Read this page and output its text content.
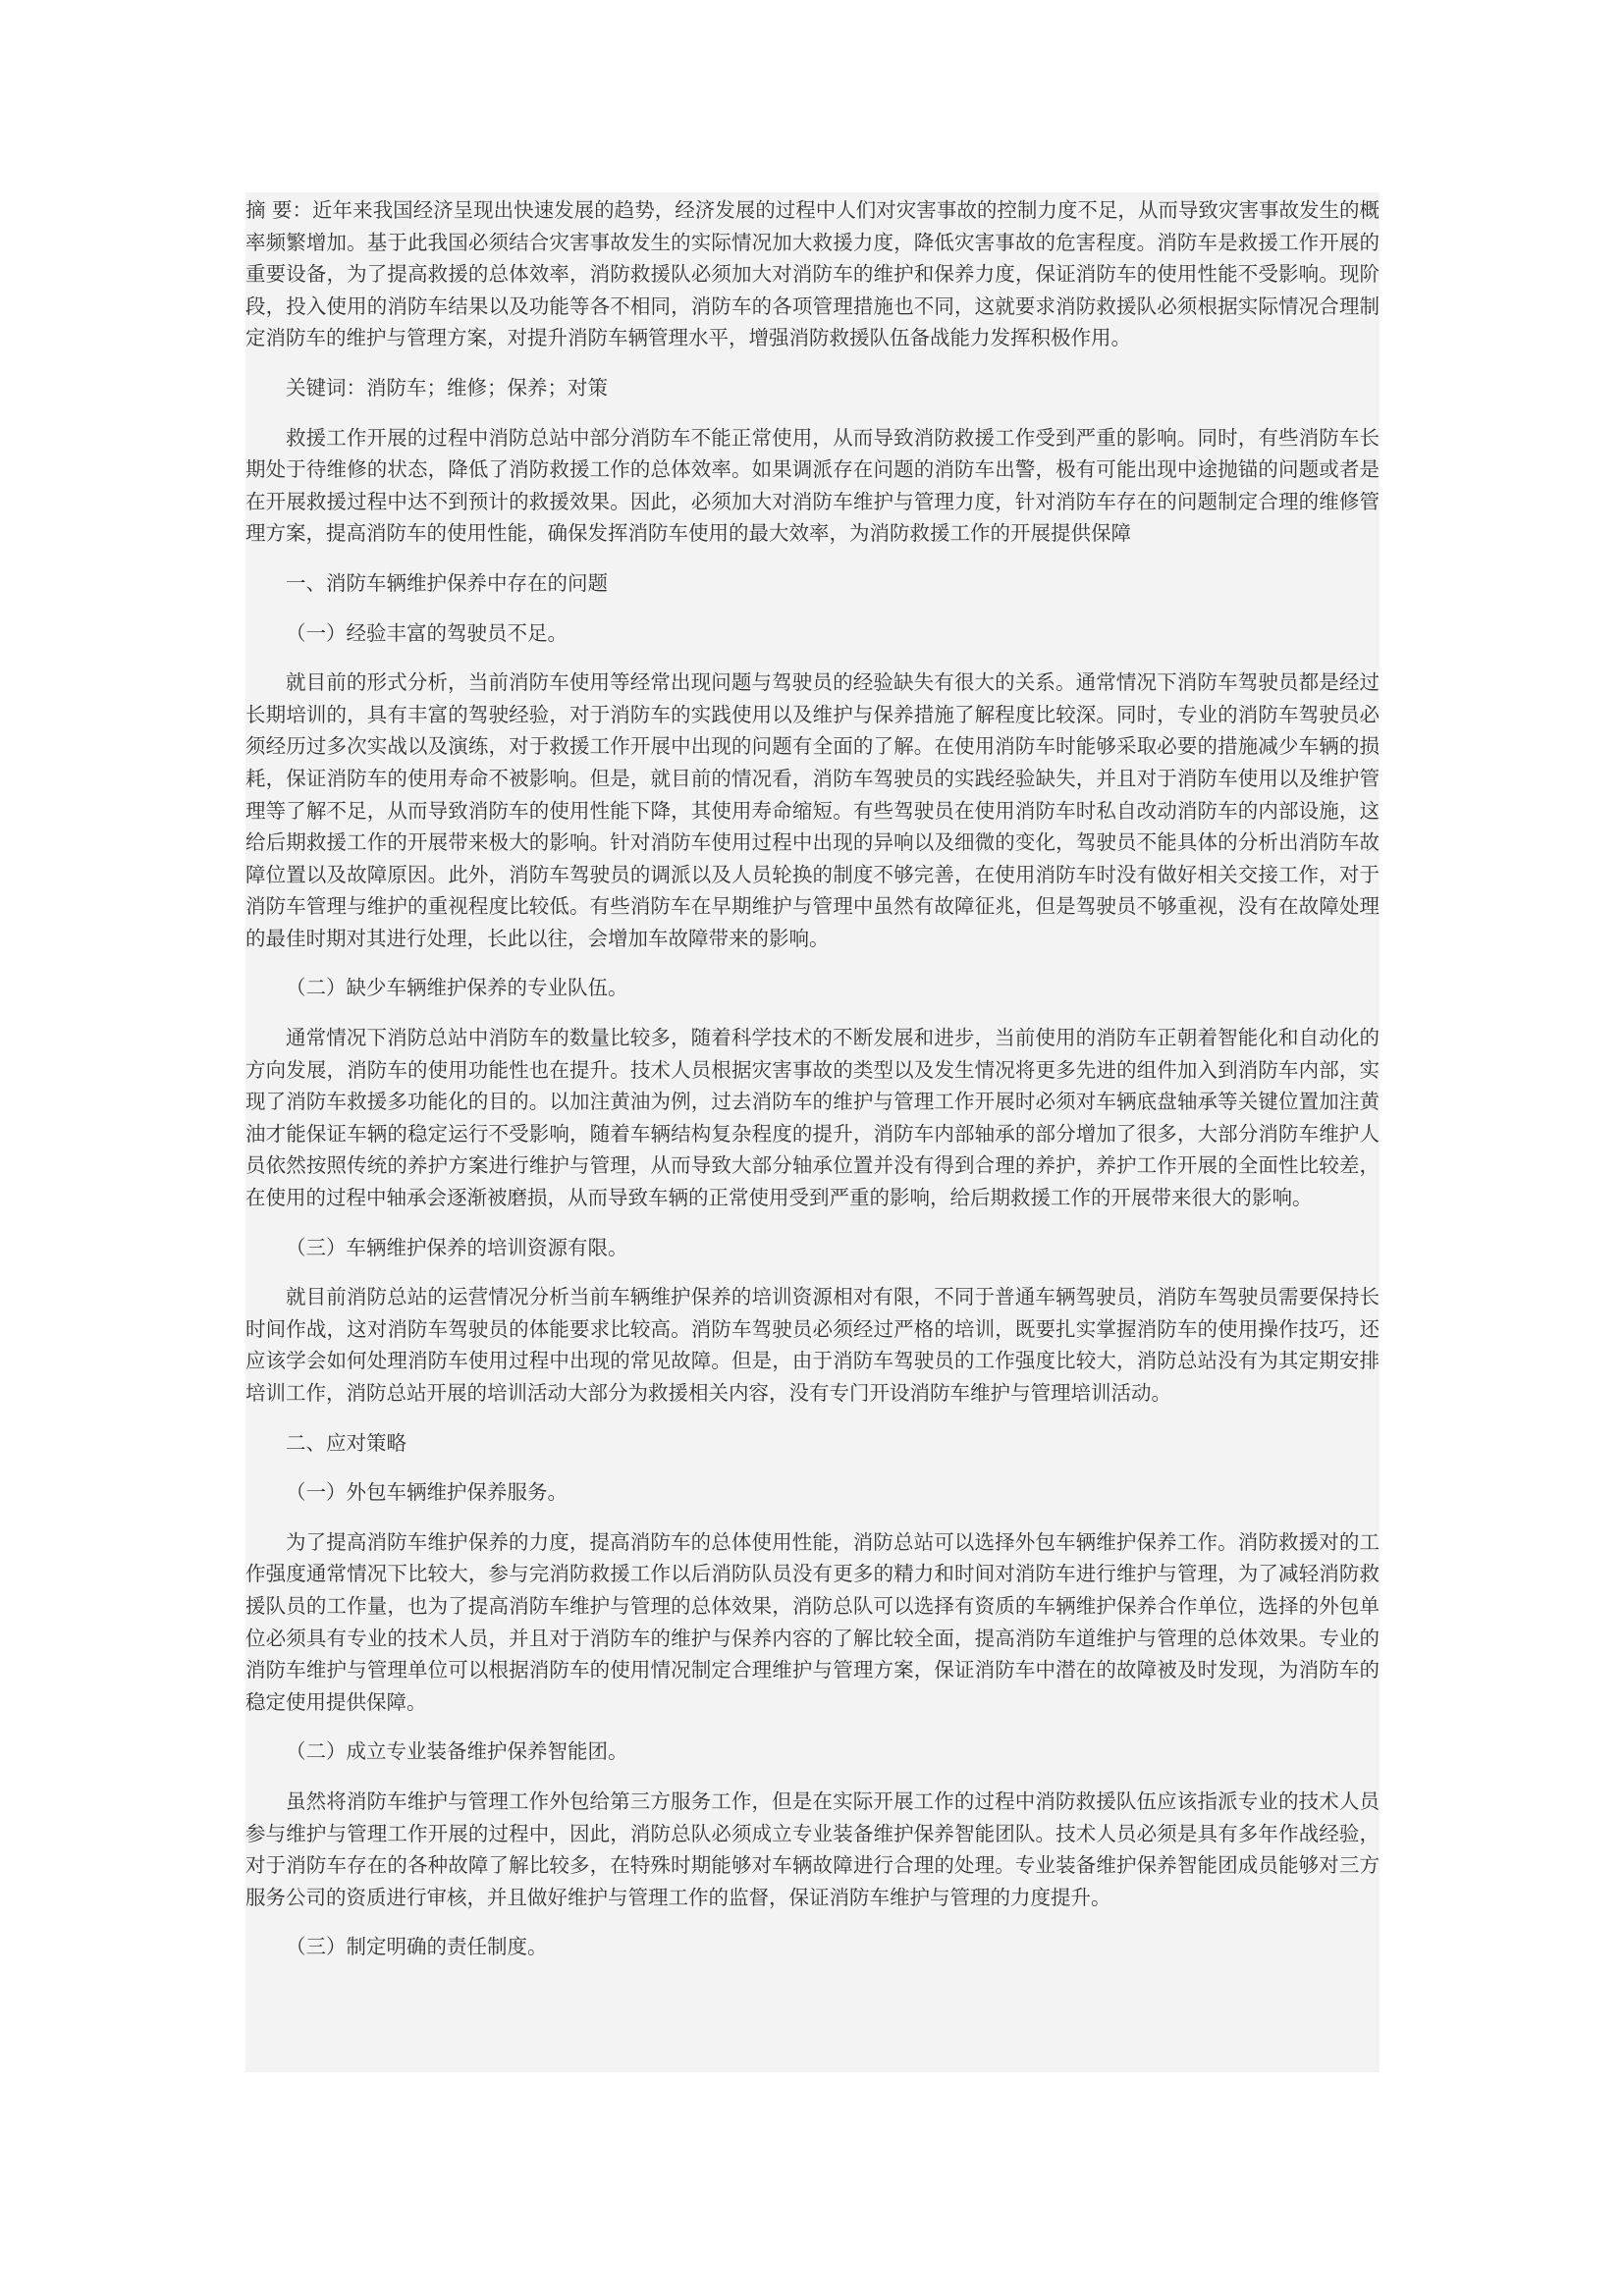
摘 要：近年来我国经济呈现出快速发展的趋势，经济发展的过程中人们对灾害事故的控制力度不足，从而导致灾害事故发生的概率频繁增加。基于此我国必须结合灾害事故发生的实际情况加大救援力度，降低灾害事故的危害程度。消防车是救援工作开展的重要设备，为了提高救援的总体效率，消防救援队必须加大对消防车的维护和保养力度，保证消防车的使用性能不受影响。现阶段，投入使用的消防车结果以及功能等各不相同，消防车的各项管理措施也不同，这就要求消防救援队必须根据实际情况合理制定消防车的维护与管理方案，对提升消防车辆管理水平，增强消防救援队伍备战能力发挥积极作用。

关键词：消防车；维修；保养；对策

救援工作开展的过程中消防总站中部分消防车不能正常使用，从而导致消防救援工作受到严重的影响。同时，有些消防车长期处于待维修的状态，降低了消防救援工作的总体效率。如果调派存在问题的消防车出警，极有可能出现中途抛锚的问题或者是在开展救援过程中达不到预计的救援效果。因此，必须加大对消防车维护与管理力度，针对消防车存在的问题制定合理的维修管理方案，提高消防车的使用性能，确保发挥消防车使用的最大效率，为消防救援工作的开展提供保障

一、消防车辆维护保养中存在的问题

（一）经验丰富的驾驶员不足。

就目前的形式分析，当前消防车使用等经常出现问题与驾驶员的经验缺失有很大的关系。通常情况下消防车驾驶员都是经过长期培训的，具有丰富的驾驶经验，对于消防车的实践使用以及维护与保养措施了解程度比较深。同时，专业的消防车驾驶员必须经历过多次实战以及演练，对于救援工作开展中出现的问题有全面的了解。在使用消防车时能够采取必要的措施减少车辆的损耗，保证消防车的使用寿命不被影响。但是，就目前的情况看，消防车驾驶员的实践经验缺失，并且对于消防车使用以及维护管理等了解不足，从而导致消防车的使用性能下降，其使用寿命缩短。有些驾驶员在使用消防车时私自改动消防车的内部设施，这给后期救援工作的开展带来极大的影响。针对消防车使用过程中出现的异响以及细微的变化，驾驶员不能具体的分析出消防车故障位置以及故障原因。此外，消防车驾驶员的调派以及人员轮换的制度不够完善，在使用消防车时没有做好相关交接工作，对于消防车管理与维护的重视程度比较低。有些消防车在早期维护与管理中虽然有故障征兆，但是驾驶员不够重视，没有在故障处理的最佳时期对其进行处理，长此以往，会增加车故障带来的影响。

（二）缺少车辆维护保养的专业队伍。

通常情况下消防总站中消防车的数量比较多，随着科学技术的不断发展和进步，当前使用的消防车正朝着智能化和自动化的方向发展，消防车的使用功能性也在提升。技术人员根据灾害事故的类型以及发生情况将更多先进的组件加入到消防车内部，实现了消防车救援多功能化的目的。以加注黄油为例，过去消防车的维护与管理工作开展时必须对车辆底盘轴承等关键位置加注黄油才能保证车辆的稳定运行不受影响，随着车辆结构复杂程度的提升，消防车内部轴承的部分增加了很多，大部分消防车维护人员依然按照传统的养护方案进行维护与管理，从而导致大部分轴承位置并没有得到合理的养护，养护工作开展的全面性比较差，在使用的过程中轴承会逐渐被磨损，从而导致车辆的正常使用受到严重的影响，给后期救援工作的开展带来很大的影响。

（三）车辆维护保养的培训资源有限。

就目前消防总站的运营情况分析当前车辆维护保养的培训资源相对有限，不同于普通车辆驾驶员，消防车驾驶员需要保持长时间作战，这对消防车驾驶员的体能要求比较高。消防车驾驶员必须经过严格的培训，既要扎实掌握消防车的使用操作技巧，还应该学会如何处理消防车使用过程中出现的常见故障。但是，由于消防车驾驶员的工作强度比较大，消防总站没有为其定期安排培训工作，消防总站开展的培训活动大部分为救援相关内容，没有专门开设消防车维护与管理培训活动。

二、应对策略

（一）外包车辆维护保养服务。

为了提高消防车维护保养的力度，提高消防车的总体使用性能，消防总站可以选择外包车辆维护保养工作。消防救援对的工作强度通常情况下比较大，参与完消防救援工作以后消防队员没有更多的精力和时间对消防车进行维护与管理，为了减轻消防救援队员的工作量，也为了提高消防车维护与管理的总体效果，消防总队可以选择有资质的车辆维护保养合作单位，选择的外包单位必须具有专业的技术人员，并且对于消防车的维护与保养内容的了解比较全面，提高消防车道维护与管理的总体效果。专业的消防车维护与管理单位可以根据消防车的使用情况制定合理维护与管理方案，保证消防车中潜在的故障被及时发现，为消防车的稳定使用提供保障。

（二）成立专业装备维护保养智能团。

虽然将消防车维护与管理工作外包给第三方服务工作，但是在实际开展工作的过程中消防救援队伍应该指派专业的技术人员参与维护与管理工作开展的过程中，因此，消防总队必须成立专业装备维护保养智能团队。技术人员必须是具有多年作战经验，对于消防车存在的各种故障了解比较多，在特殊时期能够对车辆故障进行合理的处理。专业装备维护保养智能团成员能够对三方服务公司的资质进行审核，并且做好维护与管理工作的监督，保证消防车维护与管理的力度提升。

（三）制定明确的责任制度。
